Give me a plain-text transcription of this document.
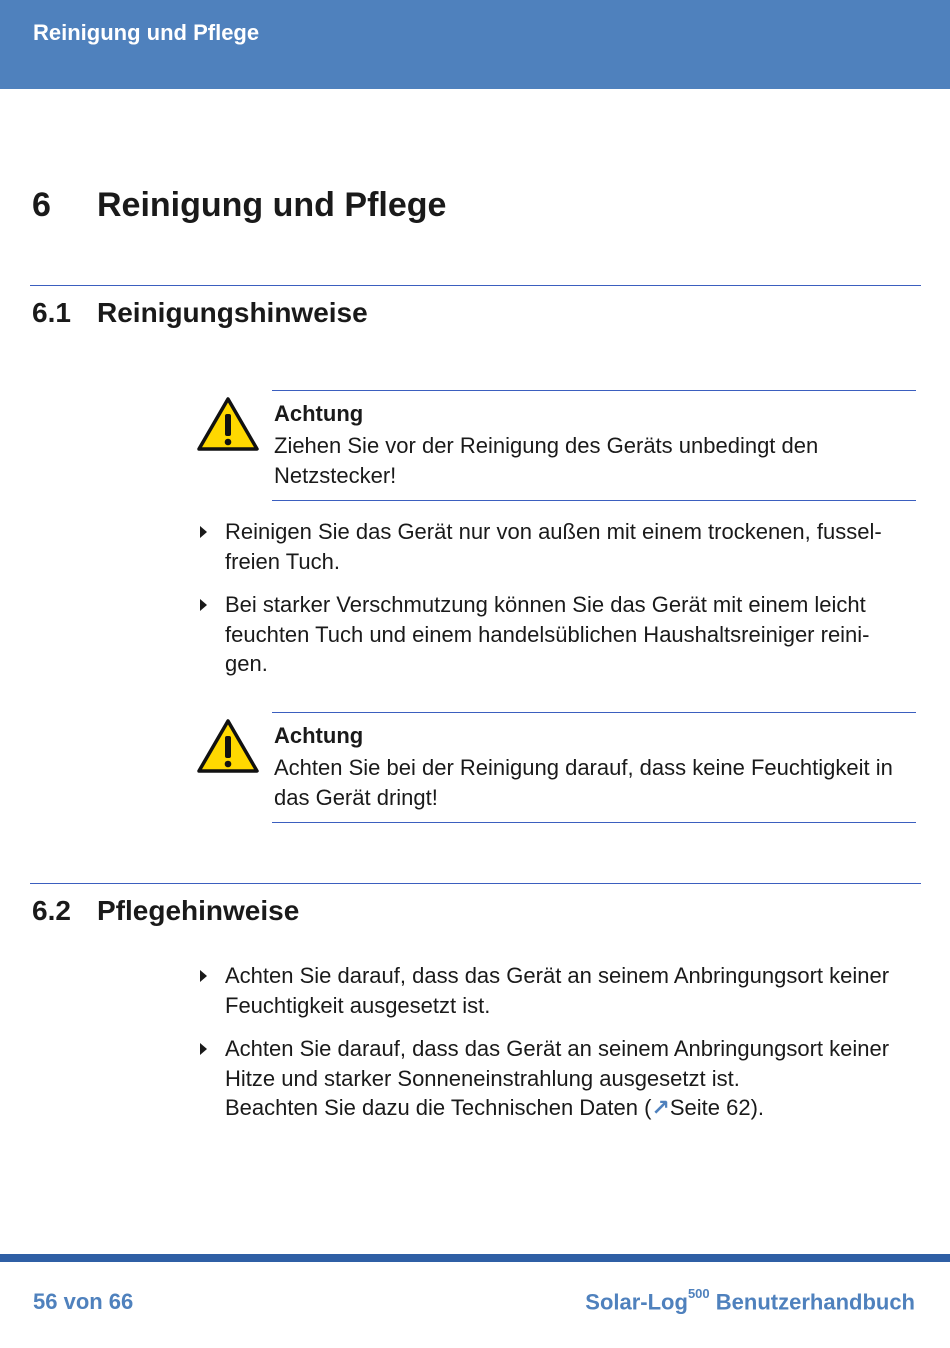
Reinigung und Pflege
6 Reinigung und Pflege
6.1 Reinigungshinweise
Achtung
Ziehen Sie vor der Reinigung des Geräts unbedingt den
Netzstecker!
Reinigen Sie das Gerät nur von außen mit einem trockenen, fussel-
freien Tuch.
Bei starker Verschmutzung können Sie das Gerät mit einem leicht
feuchten Tuch und einem handelsüblichen Haushaltsreiniger reini-
gen.
Achtung
Achten Sie bei der Reinigung darauf, dass keine Feuchtigkeit in
das Gerät dringt!
6.2 Pflegehinweise
Achten Sie darauf, dass das Gerät an seinem Anbringungsort keiner
Feuchtigkeit ausgesetzt ist.
Achten Sie darauf, dass das Gerät an seinem Anbringungsort keiner
Hitze und starker Sonneneinstrahlung ausgesetzt ist.
Beachten Sie dazu die Technischen Daten (↗Seite 62).
56 von 66	Solar-Log$^{500}$ Benutzerhandbuch
